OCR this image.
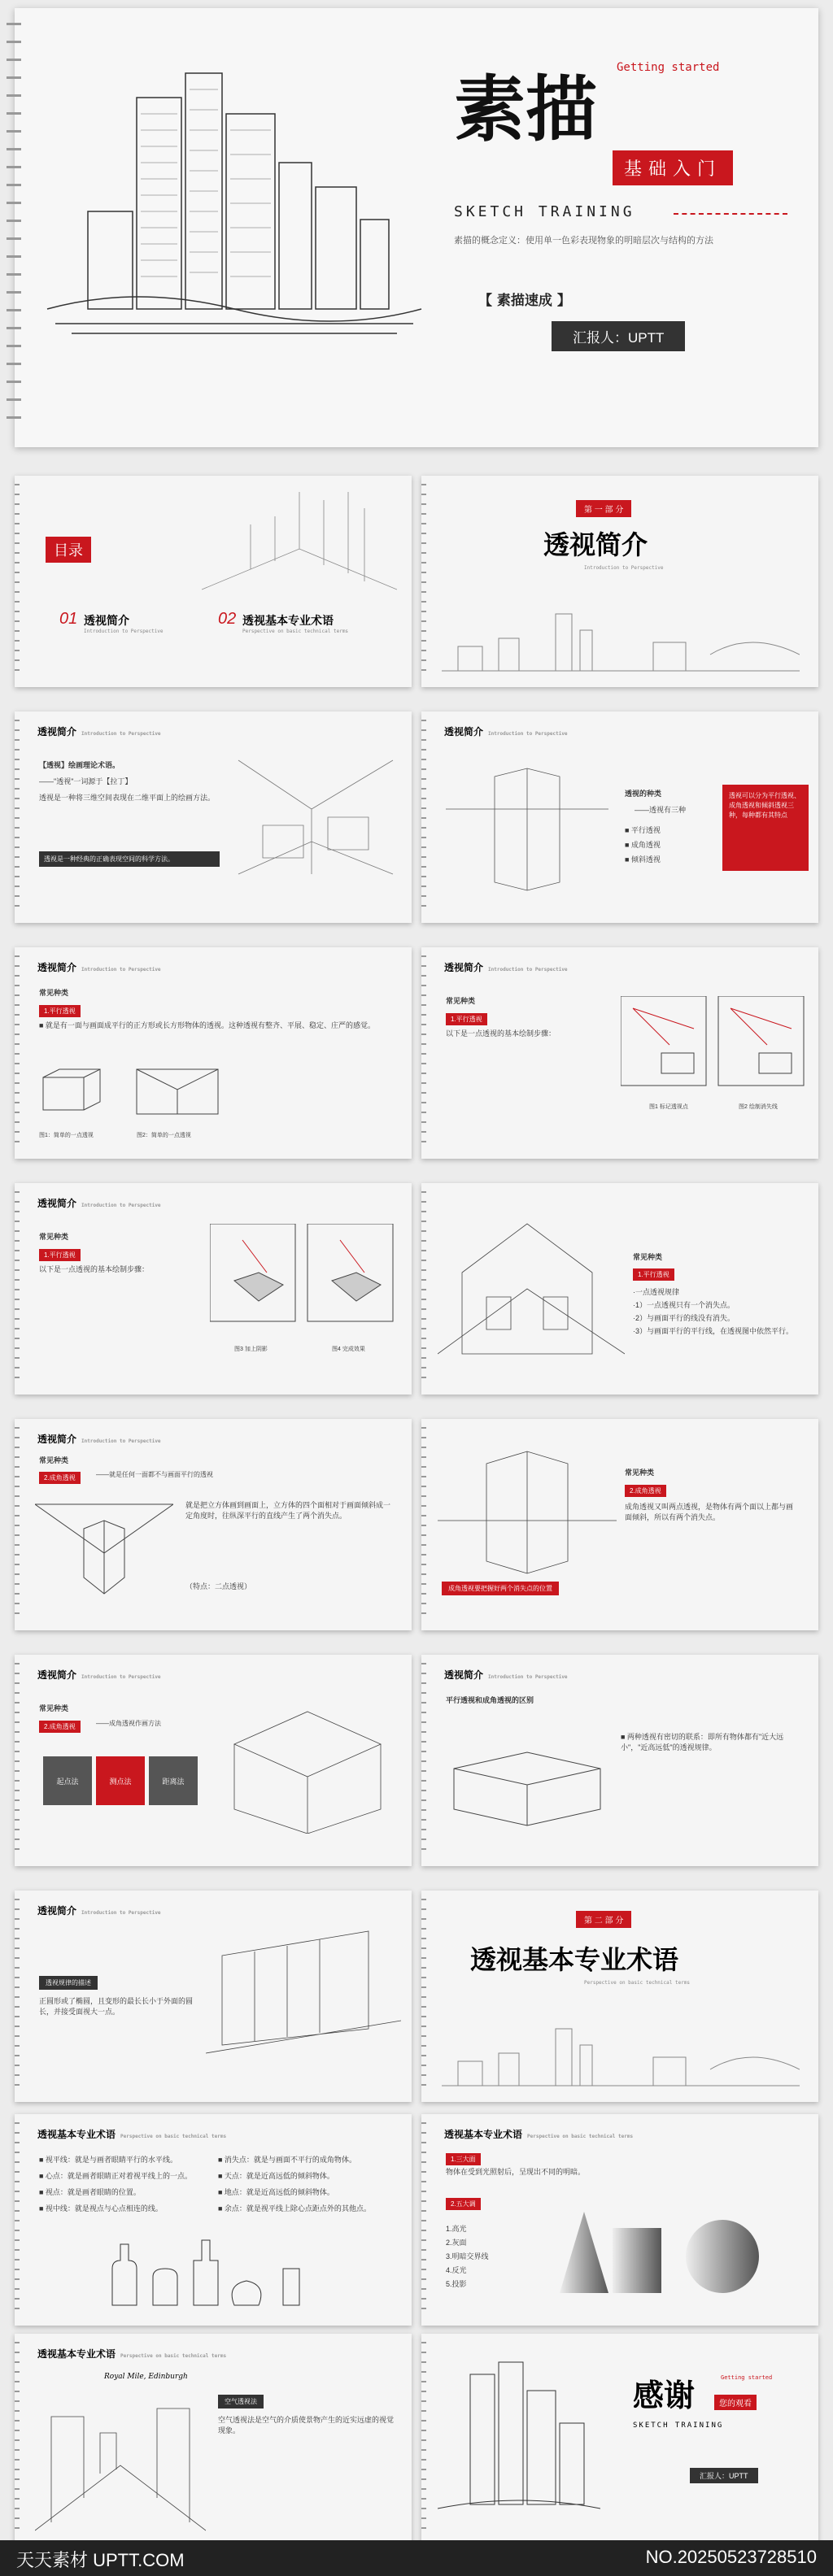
素描 Getting started
基础入门
SKETCH TRAINING
素描的概念定义：使用单一色彩表现物象的明暗层次与结构的方法
【 素描速成 】
汇报人：UPTT
目录
01 透视简介
Introduction to Perspective
02 透视基本专业术语
Perspective on basic technical terms
第 一 部 分
透视简介
Introduction to Perspective
透视简介 Introduction to Perspective
【透视】绘画理论术语。
——"透视"一词源于【拉丁】
透视是一种将三维空间表现在二维平面上的绘画方法。
透视是一种经典的正确表现空间的科学方法。
透视简介 Introduction to Perspective
透视的种类
——透视有三种
■ 平行透视
■ 成角透视
■ 倾斜透视
透视可以分为平行透视、成角透视和倾斜透视三种，每种都有其特点
透视简介 Introduction to Perspective
常见种类
1.平行透视
■ 就是有一面与画面成平行的正方形或长方形物体的透视。这种透视有整齐、平展、稳定、庄严的感觉。
图1：简单的一点透视	图2：简单的一点透视
透视简介 Introduction to Perspective
常见种类
1.平行透视
以下是一点透视的基本绘制步骤：
图1 标记透视点	图2 绘制消失线
透视简介 Introduction to Perspective
常见种类
1.平行透视
以下是一点透视的基本绘制步骤：
图3 加上阴影	图4 完成效果
常见种类
1.平行透视
·一点透视规律
·1）一点透视只有一个消失点。
·2）与画面平行的线没有消失。
·3）与画面平行的平行线，在透视图中依然平行。
透视简介 Introduction to Perspective
常见种类
2.成角透视	——就是任何一面都不与画面平行的透视
就是把立方体画到画面上，立方体的四个面相对于画面倾斜成一定角度时，往纵深平行的直线产生了两个消失点。
（特点：二点透视）	成角透视要把握好两个消失点的位置
常见种类
2.成角透视
成角透视又叫两点透视，是物体有两个面以上都与画面倾斜，所以有两个消失点。
透视简介 Introduction to Perspective
常见种类
2.成角透视	——成角透视作画方法
起点法	测点法	距离法
透视简介 Introduction to Perspective
平行透视和成角透视的区别
■ 两种透视有密切的联系：即所有物体都有"近大远小"，"近高远低"的透视规律。
透视简介 Introduction to Perspective
透视规律的描述
正圆形或了椭圆，且变形的最长长小于外面的圆长，并接受面视大一点。
第 二 部 分
透视基本专业术语
Perspective on basic technical terms
透视基本专业术语 Perspective on basic technical terms
■ 视平线：就是与画者眼睛平行的水平线。
■ 心点：就是画者眼睛正对着视平线上的一点。
■ 视点：就是画者眼睛的位置。
■ 视中线：就是视点与心点相连的线。
■ 消失点：就是与画面不平行的成角物体。
■ 天点：就是近高远低的倾斜物体。
■ 地点：就是近高远低的倾斜物体。
■ 余点：就是视平线上除心点距点外的其他点。
透视基本专业术语 Perspective on basic technical terms
1.三大面
物体在受到光照射后，呈现出不同的明暗。
2.五大调
1.高光
2.灰面
3.明暗交界线
4.反光
5.投影
透视基本专业术语 Perspective on basic technical terms
Royal Mile, Edinburgh
空气透视法
空气透视法是空气的介质使景物产生的近实远虚的视觉现象。
感谢	Getting started
您的观看
SKETCH TRAINING
汇报人：UPTT
天天素材 UPTT.COM	NO.20250523728510
